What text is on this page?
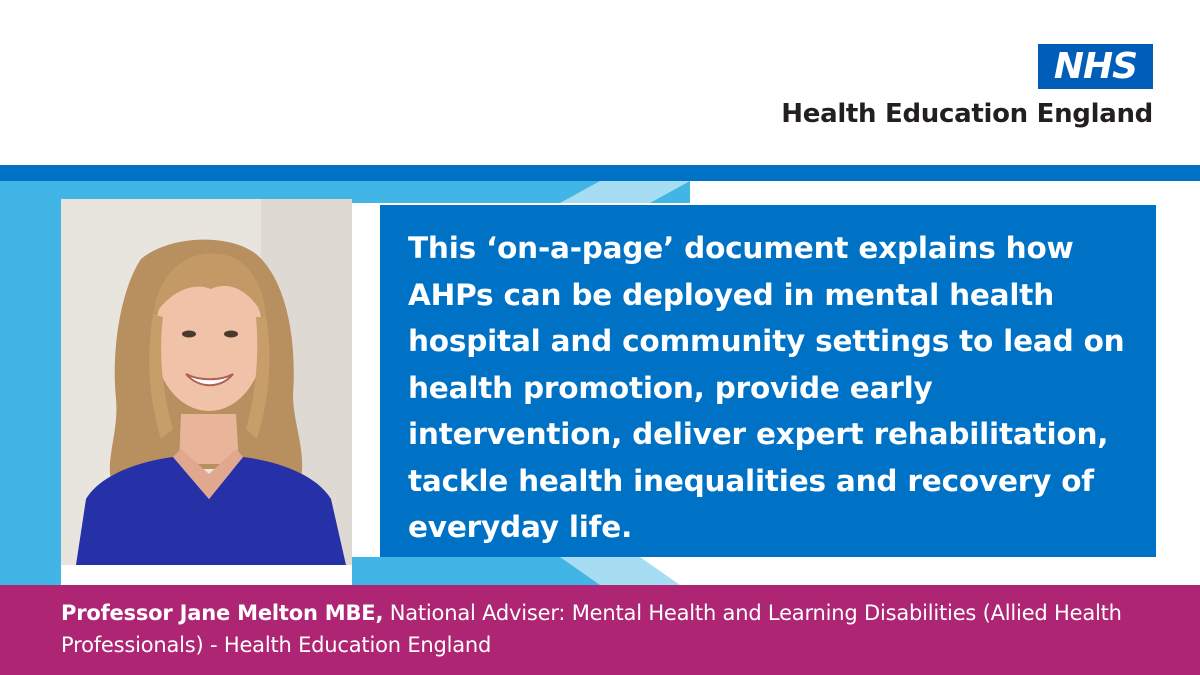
NHS
Health Education England

This ‘on-a-page’ document explains how AHPs can be deployed in mental health hospital and community settings to lead on health promotion, provide early intervention, deliver expert rehabilitation, tackle health inequalities and recovery of everyday life.

Professor Jane Melton MBE, National Adviser: Mental Health and Learning Disabilities (Allied Health Professionals) - Health Education England
